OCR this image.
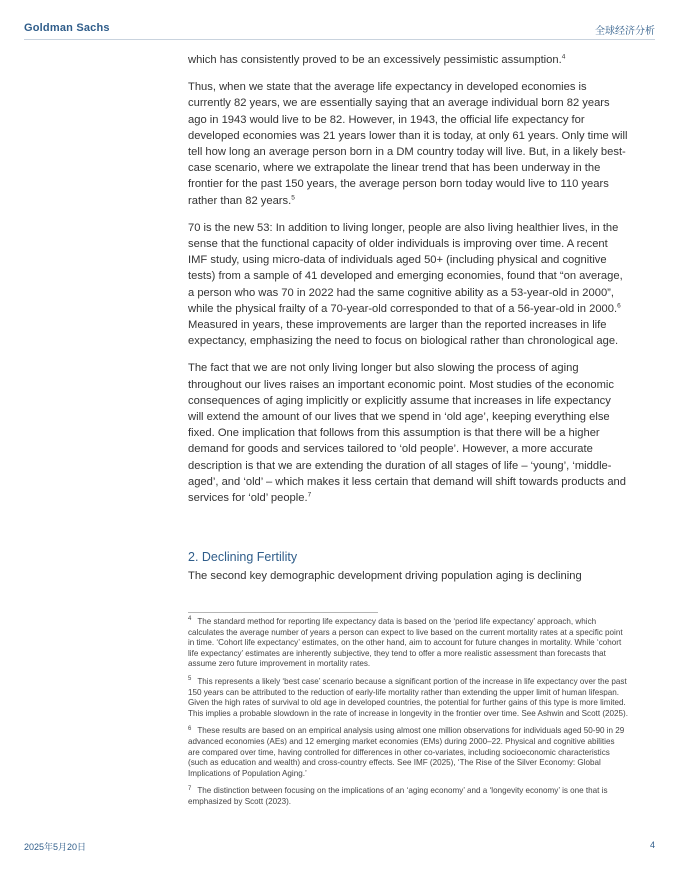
Goldman Sachs	全球经济分析

which has consistently proved to be an excessively pessimistic assumption.$^4$

Thus, when we state that the average life expectancy in developed economies is currently 82 years, we are essentially saying that an average individual born 82 years ago in 1943 would live to be 82. However, in 1943, the official life expectancy for developed economies was 21 years lower than it is today, at only 61 years. Only time will tell how long an average person born in a DM country today will live. But, in a likely best-case scenario, where we extrapolate the linear trend that has been underway in the frontier for the past 150 years, the average person born today would live to 110 years rather than 82 years.$^5$

70 is the new 53: In addition to living longer, people are also living healthier lives, in the sense that the functional capacity of older individuals is improving over time. A recent IMF study, using micro-data of individuals aged 50+ (including physical and cognitive tests) from a sample of 41 developed and emerging economies, found that “on average, a person who was 70 in 2022 had the same cognitive ability as a 53-year-old in 2000”, while the physical frailty of a 70-year-old corresponded to that of a 56-year-old in 2000.$^6$ Measured in years, these improvements are larger than the reported increases in life expectancy, emphasizing the need to focus on biological rather than chronological age.

The fact that we are not only living longer but also slowing the process of aging throughout our lives raises an important economic point. Most studies of the economic consequences of aging implicitly or explicitly assume that increases in life expectancy will extend the amount of our lives that we spend in ‘old age’, keeping everything else fixed. One implication that follows from this assumption is that there will be a higher demand for goods and services tailored to ‘old people’. However, a more accurate description is that we are extending the duration of all stages of life – ‘young’, ‘middle-aged’, and ‘old’ – which makes it less certain that demand will shift towards products and services for ‘old’ people.$^7$

2. Declining Fertility
The second key demographic development driving population aging is declining
$^4$ The standard method for reporting life expectancy data is based on the ‘period life expectancy’ approach, which calculates the average number of years a person can expect to live based on the current mortality rates at a specific point in time. ‘Cohort life expectancy’ estimates, on the other hand, aim to account for future changes in mortality. While ‘cohort life expectancy’ estimates are inherently subjective, they tend to offer a more realistic assessment than forecasts that assume zero future improvement in mortality rates.
$^5$ This represents a likely ‘best case’ scenario because a significant portion of the increase in life expectancy over the past 150 years can be attributed to the reduction of early-life mortality rather than extending the upper limit of human lifespan. Given the high rates of survival to old age in developed countries, the potential for further gains of this type is more limited. This implies a probable slowdown in the rate of increase in longevity in the frontier over time. See Ashwin and Scott (2025).
$^6$ These results are based on an empirical analysis using almost one million observations for individuals aged 50-90 in 29 advanced economies (AEs) and 12 emerging market economies (EMs) during 2000–22. Physical and cognitive abilities are compared over time, having controlled for differences in other co-variates, including socioeconomic characteristics (such as education and wealth) and cross-country effects. See IMF (2025), ‘The Rise of the Silver Economy: Global Implications of Population Aging.’
$^7$ The distinction between focusing on the implications of an ‘aging economy’ and a ‘longevity economy’ is one that is emphasized by Scott (2023).
2025年5月20日	4
